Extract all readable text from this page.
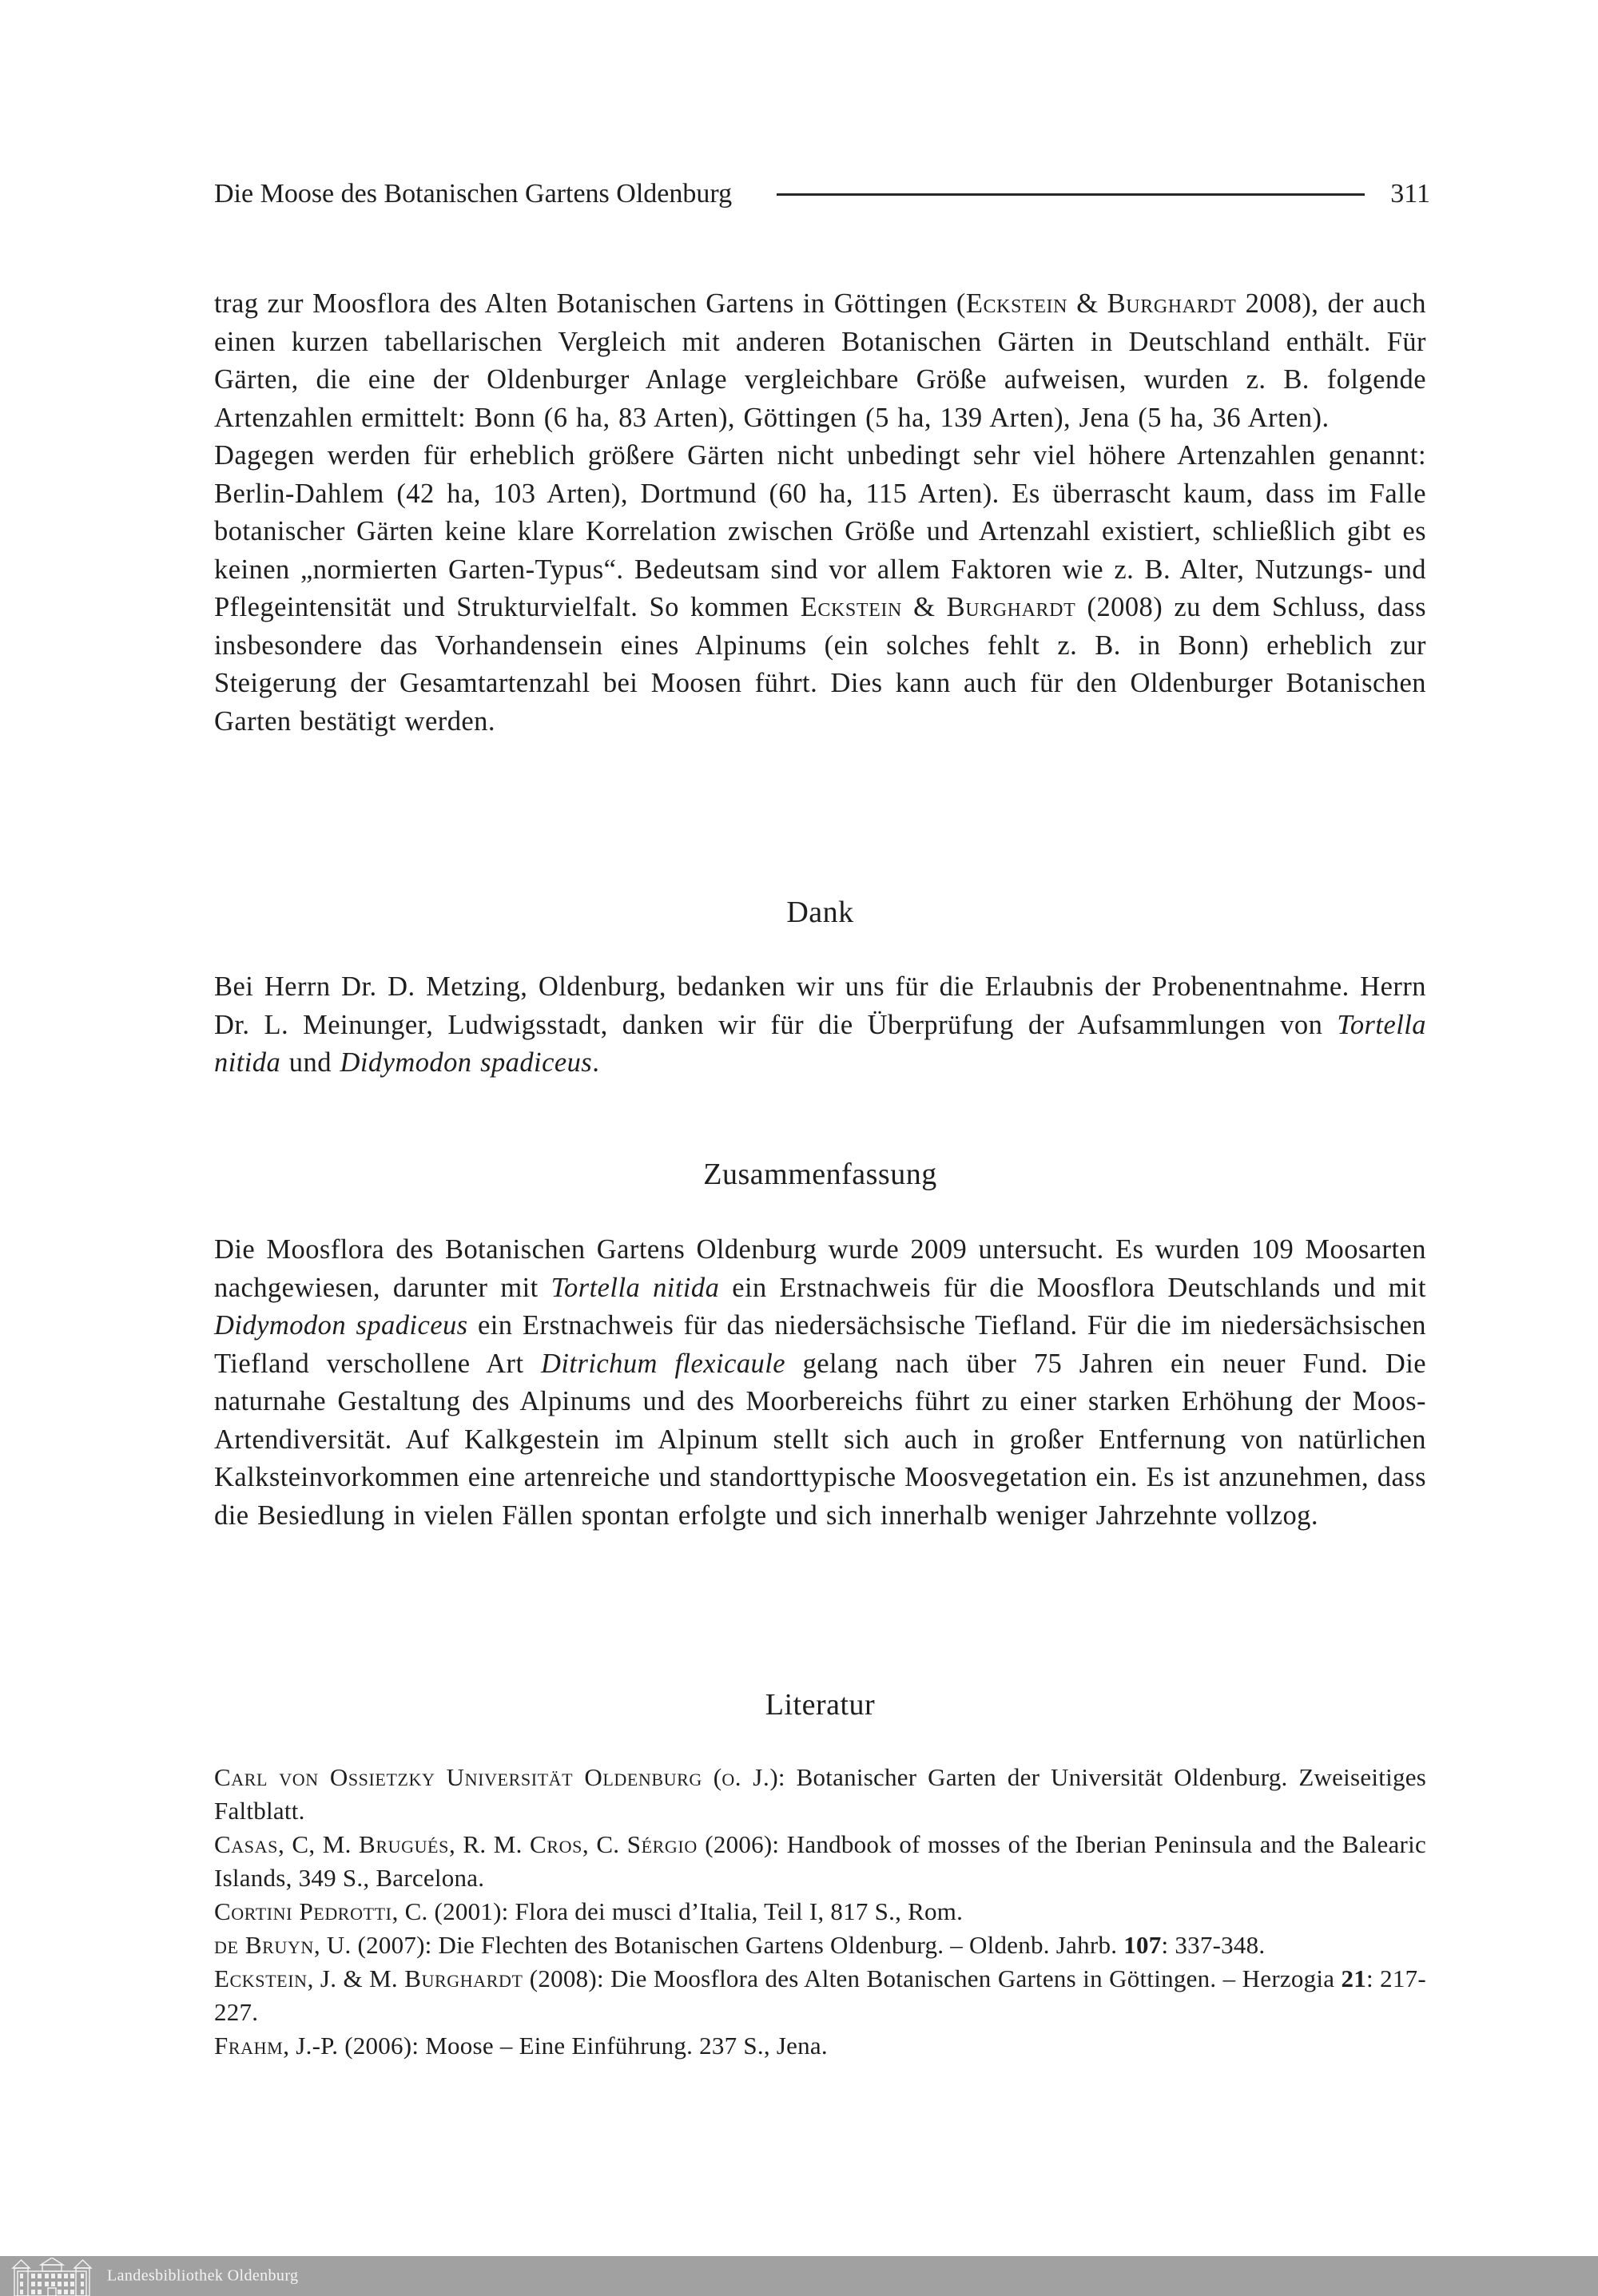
Die Moose des Botanischen Gartens Oldenburg	311

trag zur Moosflora des Alten Botanischen Gartens in Göttingen (Eckstein & Burghardt 2008), der auch einen kurzen tabellarischen Vergleich mit anderen Botanischen Gärten in Deutschland enthält. Für Gärten, die eine der Oldenburger Anlage vergleichbare Größe aufweisen, wurden z. B. folgende Artenzahlen ermittelt: Bonn (6 ha, 83 Arten), Göttingen (5 ha, 139 Arten), Jena (5 ha, 36 Arten).

Dagegen werden für erheblich größere Gärten nicht unbedingt sehr viel höhere Artenzahlen genannt: Berlin-Dahlem (42 ha, 103 Arten), Dortmund (60 ha, 115 Arten). Es überrascht kaum, dass im Falle botanischer Gärten keine klare Korrelation zwischen Größe und Artenzahl existiert, schließlich gibt es keinen „normierten Garten-Typus“. Bedeutsam sind vor allem Faktoren wie z. B. Alter, Nutzungs- und Pflegeintensität und Strukturvielfalt. So kommen Eckstein & Burghardt (2008) zu dem Schluss, dass insbesondere das Vorhandensein eines Alpinums (ein solches fehlt z. B. in Bonn) erheblich zur Steigerung der Gesamtartenzahl bei Moosen führt. Dies kann auch für den Oldenburger Botanischen Garten bestätigt werden.

Dank

Bei Herrn Dr. D. Metzing, Oldenburg, bedanken wir uns für die Erlaubnis der Probenentnahme. Herrn Dr. L. Meinunger, Ludwigsstadt, danken wir für die Überprüfung der Aufsammlungen von Tortella nitida und Didymodon spadiceus.

Zusammenfassung

Die Moosflora des Botanischen Gartens Oldenburg wurde 2009 untersucht. Es wurden 109 Moosarten nachgewiesen, darunter mit Tortella nitida ein Erstnachweis für die Moosflora Deutschlands und mit Didymodon spadiceus ein Erstnachweis für das niedersächsische Tiefland. Für die im niedersächsischen Tiefland verschollene Art Ditrichum flexicaule gelang nach über 75 Jahren ein neuer Fund. Die naturnahe Gestaltung des Alpinums und des Moorbereichs führt zu einer starken Erhöhung der Moos-Artendiversität. Auf Kalkgestein im Alpinum stellt sich auch in großer Entfernung von natürlichen Kalksteinvorkommen eine artenreiche und standorttypische Moosvegetation ein. Es ist anzunehmen, dass die Besiedlung in vielen Fällen spontan erfolgte und sich innerhalb weniger Jahrzehnte vollzog.

Literatur

Carl von Ossietzky Universität Oldenburg (o. J.): Botanischer Garten der Universität Oldenburg. Zweiseitiges Faltblatt.

Casas, C, M. Brugués, R. M. Cros, C. Sérgio (2006): Handbook of mosses of the Iberian Peninsula and the Balearic Islands, 349 S., Barcelona.

Cortini Pedrotti, C. (2001): Flora dei musci d’Italia, Teil I, 817 S., Rom.

de Bruyn, U. (2007): Die Flechten des Botanischen Gartens Oldenburg. – Oldenb. Jahrb. 107: 337-348.

Eckstein, J. & M. Burghardt (2008): Die Moosflora des Alten Botanischen Gartens in Göttingen. – Herzogia 21: 217-227.

Frahm, J.-P. (2006): Moose – Eine Einführung. 237 S., Jena.

Landesbibliothek Oldenburg
